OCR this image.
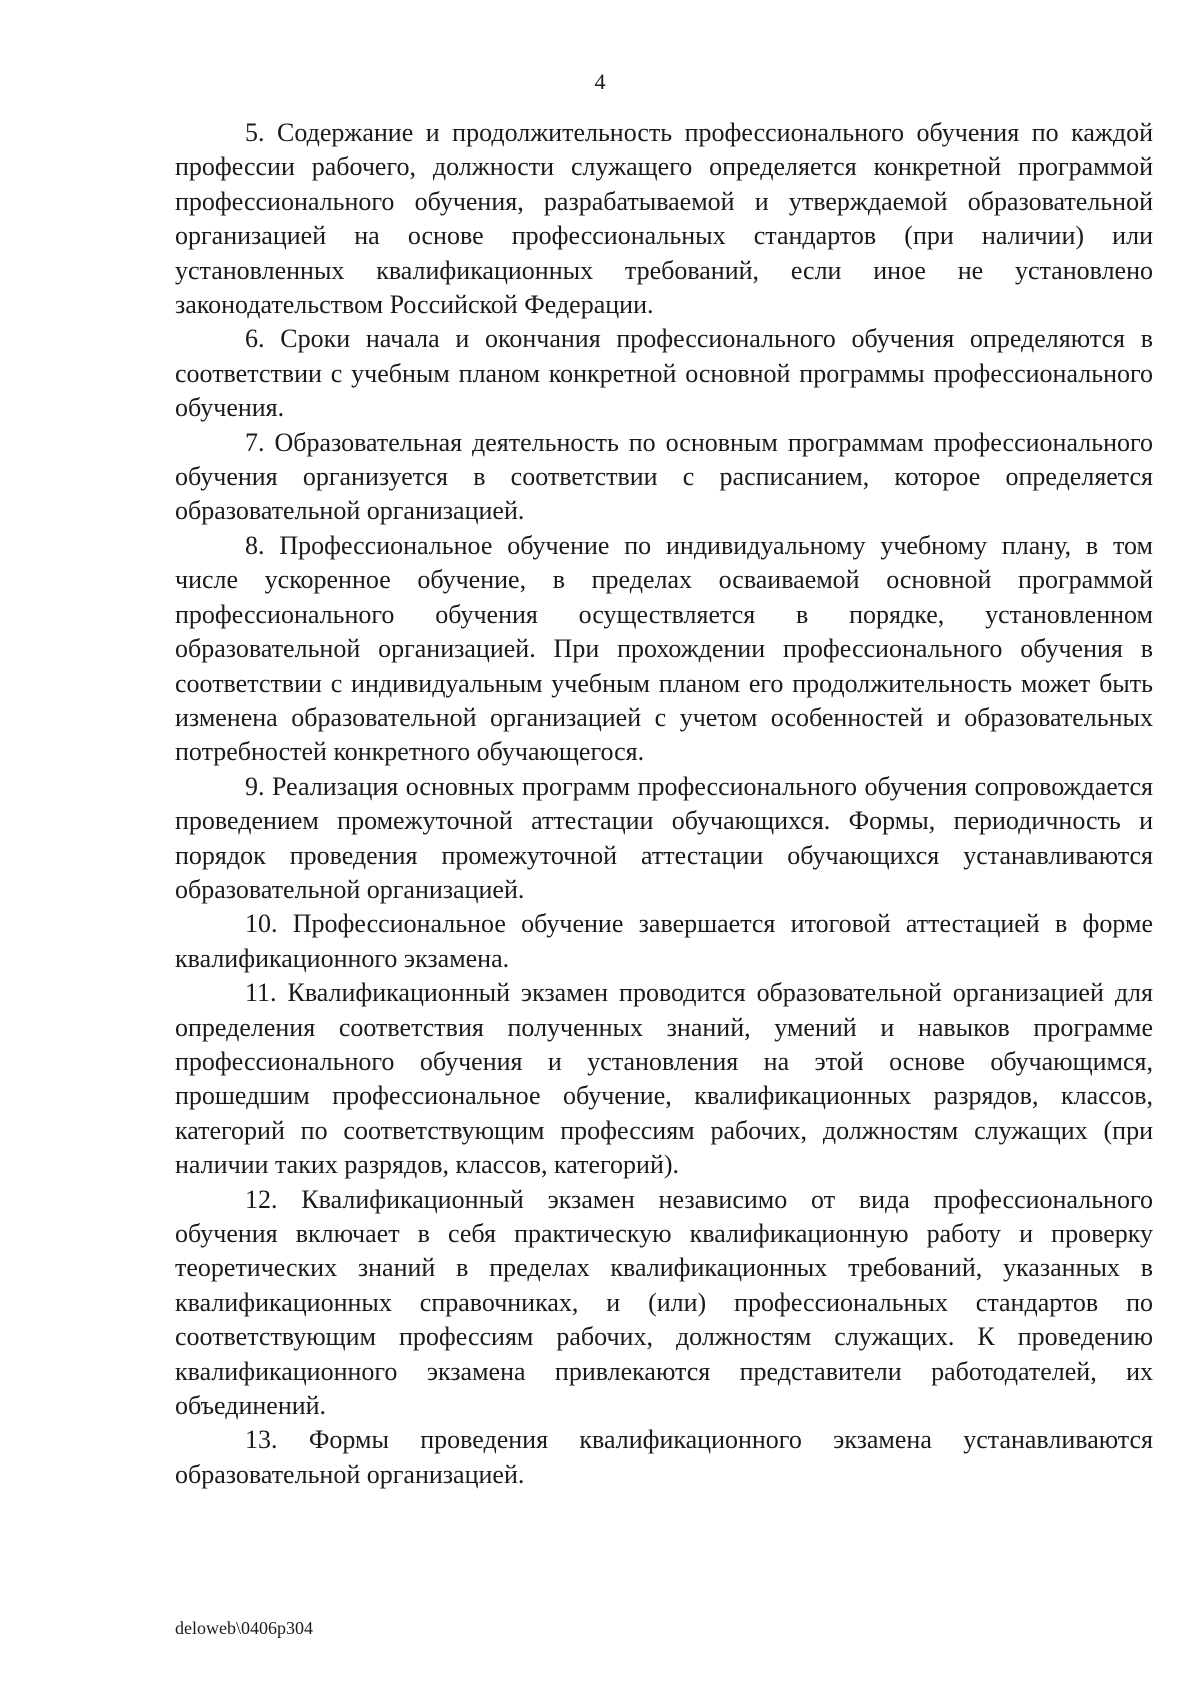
4

5. Содержание и продолжительность профессионального обучения по каждой профессии рабочего, должности служащего определяется конкретной программой профессионального обучения, разрабатываемой и утверждаемой образовательной организацией на основе профессиональных стандартов (при наличии) или установленных квалификационных требований, если иное не установлено законодательством Российской Федерации.

6. Сроки начала и окончания профессионального обучения определяются в соответствии с учебным планом конкретной основной программы профессионального обучения.

7. Образовательная деятельность по основным программам профессионального обучения организуется в соответствии с расписанием, которое определяется образовательной организацией.

8. Профессиональное обучение по индивидуальному учебному плану, в том числе ускоренное обучение, в пределах осваиваемой основной программой профессионального обучения осуществляется в порядке, установленном образовательной организацией. При прохождении профессионального обучения в соответствии с индивидуальным учебным планом его продолжительность может быть изменена образовательной организацией с учетом особенностей и образовательных потребностей конкретного обучающегося.

9. Реализация основных программ профессионального обучения сопровождается проведением промежуточной аттестации обучающихся. Формы, периодичность и порядок проведения промежуточной аттестации обучающихся устанавливаются образовательной организацией.

10. Профессиональное обучение завершается итоговой аттестацией в форме квалификационного экзамена.

11. Квалификационный экзамен проводится образовательной организацией для определения соответствия полученных знаний, умений и навыков программе профессионального обучения и установления на этой основе обучающимся, прошедшим профессиональное обучение, квалификационных разрядов, классов, категорий по соответствующим профессиям рабочих, должностям служащих (при наличии таких разрядов, классов, категорий).

12. Квалификационный экзамен независимо от вида профессионального обучения включает в себя практическую квалификационную работу и проверку теоретических знаний в пределах квалификационных требований, указанных в квалификационных справочниках, и (или) профессиональных стандартов по соответствующим профессиям рабочих, должностям служащих. К проведению квалификационного экзамена привлекаются представители работодателей, их объединений.

13. Формы проведения квалификационного экзамена устанавливаются образовательной организацией.

deloweb\0406p304
